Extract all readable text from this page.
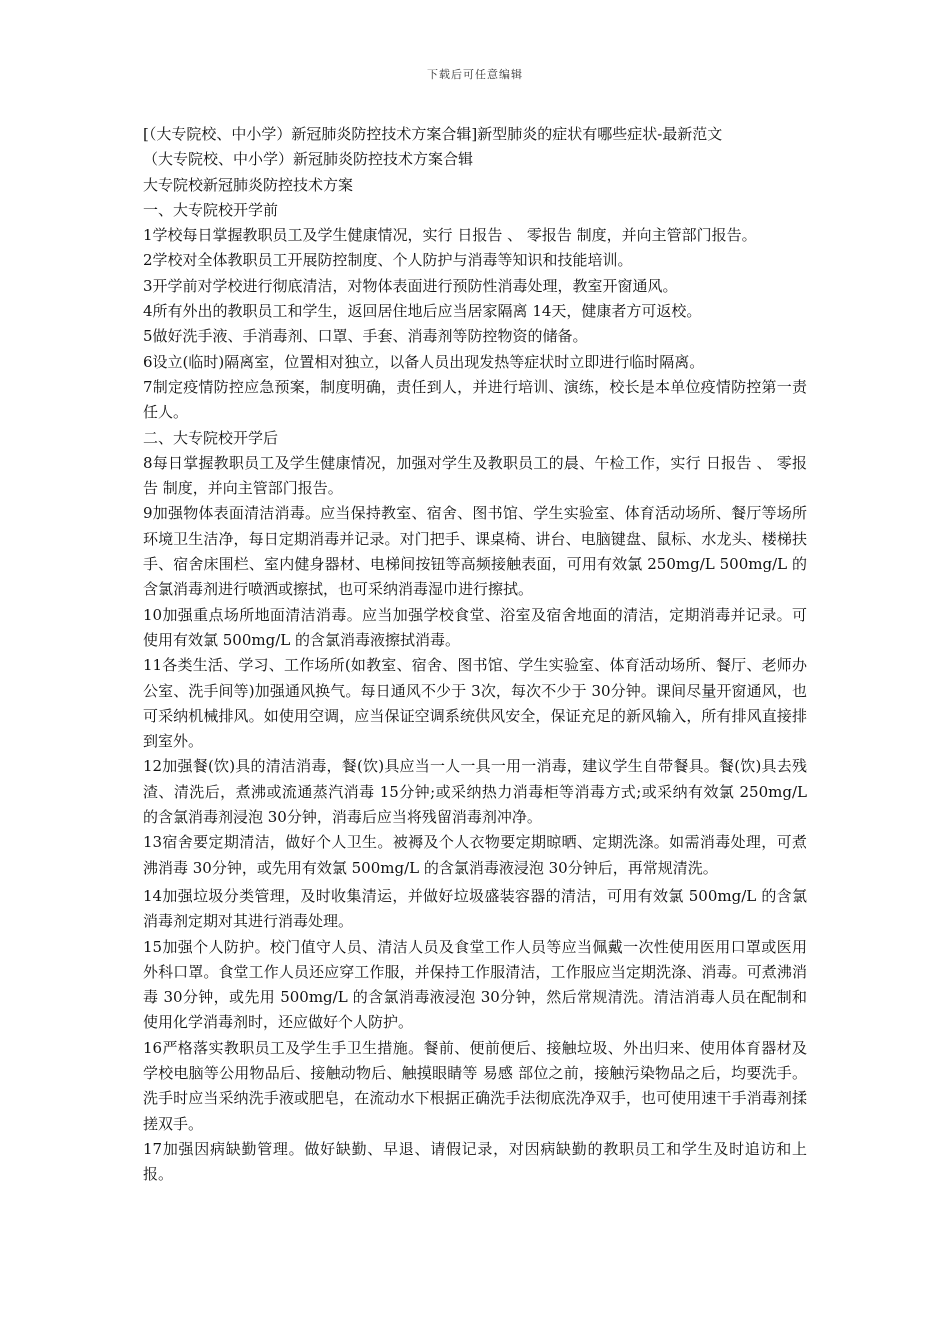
下载后可任意编辑

[（大专院校、中小学）新冠肺炎防控技术方案合辑]新型肺炎的症状有哪些症状-最新范文

（大专院校、中小学）新冠肺炎防控技术方案合辑

大专院校新冠肺炎防控技术方案

一、大专院校开学前

1学校每日掌握教职员工及学生健康情况，实行 日报告 、 零报告 制度，并向主管部门报告。

2学校对全体教职员工开展防控制度、个人防护与消毒等知识和技能培训。

3开学前对学校进行彻底清洁，对物体表面进行预防性消毒处理，教室开窗通风。

4所有外出的教职员工和学生，返回居住地后应当居家隔离 14天，健康者方可返校。

5做好洗手液、手消毒剂、口罩、手套、消毒剂等防控物资的储备。

6设立(临时)隔离室，位置相对独立，以备人员出现发热等症状时立即进行临时隔离。

7制定疫情防控应急预案，制度明确，责任到人，并进行培训、演练，校长是本单位疫情防控第一责任人。

二、大专院校开学后

8每日掌握教职员工及学生健康情况，加强对学生及教职员工的晨、午检工作，实行 日报告 、 零报告 制度，并向主管部门报告。

9加强物体表面清洁消毒。应当保持教室、宿舍、图书馆、学生实验室、体育活动场所、餐厅等场所环境卫生洁净，每日定期消毒并记录。对门把手、课桌椅、讲台、电脑键盘、鼠标、水龙头、楼梯扶手、宿舍床围栏、室内健身器材、电梯间按钮等高频接触表面，可用有效氯 250mg/L 500mg/L 的含氯消毒剂进行喷洒或擦拭，也可采纳消毒湿巾进行擦拭。

10加强重点场所地面清洁消毒。应当加强学校食堂、浴室及宿舍地面的清洁，定期消毒并记录。可使用有效氯 500mg/L 的含氯消毒液擦拭消毒。

11各类生活、学习、工作场所(如教室、宿舍、图书馆、学生实验室、体育活动场所、餐厅、老师办公室、洗手间等)加强通风换气。每日通风不少于 3次，每次不少于 30分钟。课间尽量开窗通风，也可采纳机械排风。如使用空调，应当保证空调系统供风安全，保证充足的新风输入，所有排风直接排到室外。

12加强餐(饮)具的清洁消毒，餐(饮)具应当一人一具一用一消毒，建议学生自带餐具。餐(饮)具去残渣、清洗后，煮沸或流通蒸汽消毒 15分钟;或采纳热力消毒柜等消毒方式;或采纳有效氯 250mg/L 的含氯消毒剂浸泡 30分钟，消毒后应当将残留消毒剂冲净。

13宿舍要定期清洁，做好个人卫生。被褥及个人衣物要定期晾晒、定期洗涤。如需消毒处理，可煮沸消毒 30分钟，或先用有效氯 500mg/L 的含氯消毒液浸泡 30分钟后，再常规清洗。

14加强垃圾分类管理，及时收集清运，并做好垃圾盛装容器的清洁，可用有效氯 500mg/L 的含氯消毒剂定期对其进行消毒处理。

15加强个人防护。校门值守人员、清洁人员及食堂工作人员等应当佩戴一次性使用医用口罩或医用外科口罩。食堂工作人员还应穿工作服，并保持工作服清洁，工作服应当定期洗涤、消毒。可煮沸消毒 30分钟，或先用 500mg/L 的含氯消毒液浸泡 30分钟，然后常规清洗。清洁消毒人员在配制和使用化学消毒剂时，还应做好个人防护。

16严格落实教职员工及学生手卫生措施。餐前、便前便后、接触垃圾、外出归来、使用体育器材及学校电脑等公用物品后、接触动物后、触摸眼睛等 易感 部位之前，接触污染物品之后，均要洗手。洗手时应当采纳洗手液或肥皂，在流动水下根据正确洗手法彻底洗净双手，也可使用速干手消毒剂揉搓双手。

17加强因病缺勤管理。做好缺勤、早退、请假记录，对因病缺勤的教职员工和学生及时追访和上报。
